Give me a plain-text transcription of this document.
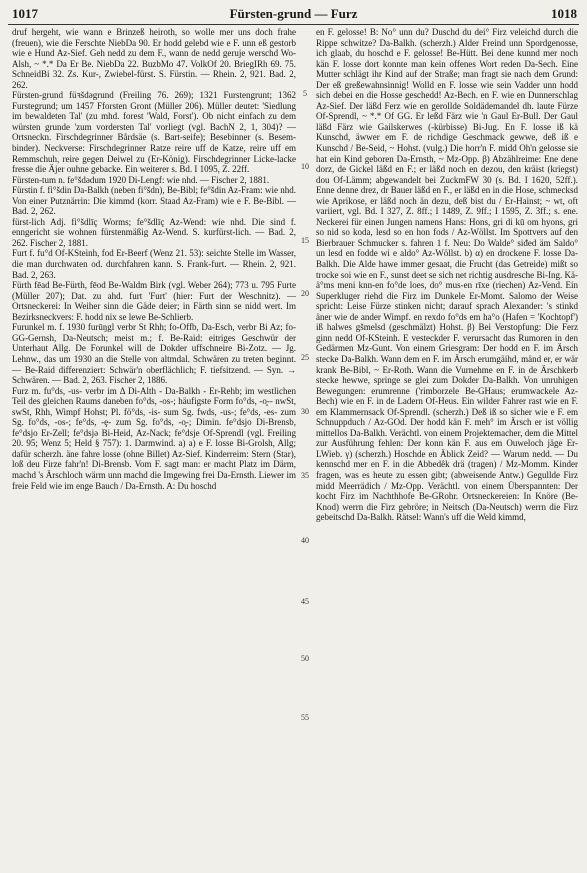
1017	Fürsten-grund — Furz	1018

druf hergeht, wie wann e Brinzeß heiroth, so wolle mer uns doch frahe (freuen), wie die Ferschte NiebDa 90. Er hodd gelebd wie e F. unn eß gestorb wie e Hund Az-Sief. Geh nedd zu dem F., wann de nedd geruje werschd Wo-Alsh, ~ *.* Da Er Be. NiebDa 22. BuzbMo 47. VolkOf 20. BriegIRh 69. 75. SchneidBi 32. Zs. Kur-, Zwiebel-fürst. S. Fürstin. — Rhein. 2, 921. Bad. 2, 262.

Fürsten-grund füꝛšdəgrund (Freiling 76. 269); 1321 Furstengrunt; 1362 Furstegrund; um 1457 Fforsten Gront (Müller 206). Müller deutet: 'Siedlung im bewaldeten Tal' (zu mhd. forest 'Wald, Forst'). Ob nicht einfach zu dem würsten grunde 'zum vordersten Tal' vorliegt (vgl. BachN 2, 1, 304)? — Ortsneckn. Firschdegrinner Bårdsäe (s. Bart-seife); Besebinner (s. Besem-binder). Neckverse: Firschdegrinner Ratze reire uff de Katze, reire uff em Remmschuh, reire gegen Deiwel zu (Er-König). Firschdegrinner Licke-lacke fresse die Äjer ouhne gebacke. Ein weiterer s. Bd. I 1095, Z. 22ff.

Fürsten-tum n. fe°šdədum 1920 Di-Lengf: wie nhd. — Fischer 2, 1881.

Fürstin f. fi°šdin Da-Balkh (neben fi°šdn), Be-Bibl; fe°šdin Az-Fram: wie nhd. Von einer Putznärrin: Die kimmd (korr. Staad Az-Fram) wie e F. Be-Bibl. — Bad. 2, 262.

fürst-lich Adj. fi°šdlīç Worms; fe°šdlīç Az-Wend: wie nhd. Die sind f. enngericht sie wohnen fürstenmäßig Az-Wend. S. kurfürst-lich. — Bad. 2, 262. Fischer 2, 1881.

Furt f. fu°d Of-KSteinh, fod Er-Beerf (Wenz 21. 53): seichte Stelle im Wasser, die man durchwaten od. durchfahren kann. S. Frank-furt. — Rhein. 2, 921. Bad. 2, 263.

Fürth fēad Be-Fürth, fēod Be-Waldm Birk (vgl. Weber 264); 773 u. 795 Furte (Müller 207); Dat. zu ahd. furt 'Furt' (hier: Furt der Weschnitz). — Ortsneckerei: In Weiher sinn die Gäde deier; in Färth sinn se nidd wert. Im Bezirksneckvers: F. hodd nix se lewe Be-Schlierb.

Furunkel m. f. 1930 furūŋgl verbr St Rhh; fo-Offb, Da-Esch, verbr Bi Az; fo- GG-Gernsh, Da-Neutsch; meist m.; f. Be-Raid: eitriges Geschwür der Unterhaut Allg. De Forunkel will de Dokder uffschneire Bi-Zotz. — Jg. Lehnw., das um 1930 an die Stelle von altmdal. Schwären zu treten beginnt. — Be-Raid differenziert: Schwär'n oberflächlich; F. tiefsitzend. — Syn. → Schwären. — Bad. 2, 263. Fischer 2, 1886.

Furz m. fu°ds, -us- verbr im Δ Di-Alth - Da-Balkh - Er-Rehb; im westlichen Teil des gleichen Raums daneben fo°ds, -os-; häufigste Form fo°ds, -o̧-- nwSt, swSt, Rhh, Wimpf Hohst; Pl. fö°ds, -is- sum Sg. fwds, -us-; fe°ds, -es- zum Sg. fo°ds, -os-; fe°ds, -ȩ- zum Sg. fo°ds, -o̧-; Dimin. fe°dsjo Di-Brensb, fe°dsjo Er-Zell; fe°dsjə Bi-Heid, Az-Nack; fe°dsje Of-Sprendl (vgl. Freiling 20. 95; Wenz 5; Held § 757): 1. Darmwind. a) a) e F. losse Bi-Grolsh, Allg; dafür scherzh. äne fahre losse (ohne Billet) Az-Sief. Kinderreim: Stern (Star), loß deu Firze fahr'n! Di-Brensb. Vom F. sagt man: er macht Platz im Därm, machd 's Ärschloch wärm unn machd die Imgewing frei Da-Ernsth. Liewer im freie Feld wie im enge Bauch / Da-Ernsth. A: Du hoschd

5
10
15
20
25
30
35
40
45
50
55

en F. gelosse! B: No° unn du? Duschd du dei° Firz veleichd durch die Rippe schwitze? Da-Balkh. (scherzh.) Alder Freind unn Spordgenosse, ich glaab, du hoschd e F. gelosse! Be-Hütt. Bei dene kunnd mer noch kän F. losse dort konnte man kein offenes Wort reden Da-Sech. Eine Mutter schlägt ihr Kind auf der Straße; man fragt sie nach dem Grund: Der eß greßewahnsinnig! Wolld en F. losse wie sein Vadder unn hodd sich debei en die Hosse geschedd! Az-Bech. en F. wie en Dunnerschlag Az-Sief. Der läßd Ferz wie en gerollde Soldädemandel dh. laute Fürze Of-Sprendl, ~ *.* Of GG. Er leßd Färz wie 'n Gaul Er-Bull. Der Gaul läßd Färz wie Gailskerwes (-kürbisse) Bi-Jug. En F. losse iß kä Kunschd, äwwer em F. de richdige Geschmack gewwe, deß iß e Kunschd / Be-Seid, ~ Hohst. (vulg.) Die horr'n F. midd Oh'n gelosse sie hat ein Kind geboren Da-Ernsth, ~ Mz-Opp. β) Abzählreime: Ene dene dorz, de Gickel läßd en F.; er läßd noch en dezou, den kräist (kriegst) dou Of-Lämm; abgewandelt bei ZuckmFW 30 (s. Bd. I 1620, 52ff.). Enne denne drez, dr Bauer läßd en F., er läßd en in die Hose, schmecksd wie Aprikose, er läßd noch än dezu, deß bist du / Er-Hainst; ~ wt, oft variiert, vgl. Bd. I 327, Z. 8ff.; I 1489, Z. 9ff.; I 1595, Z. 3ff.; s. ene. Neckerei für einen Jungen namens Hans: Hons, gri di kū om hyons, gri so nid so koda, lesd so en hon fods / Az-Wöllst. Im Spottvers auf den Bierbrauer Schmucker s. fahren 1 f. Neu: Do Walde° siđed äm Saldo° un lesd en fodde wi e aldo° Az-Wöllst. b) α) en drockene F. losse Da-Balkh. Die Alde hawe immer gesaat, die Frucht (das Getreide) mißt so trocke soi wie en F., sunst deet se sich net richtig ausdresche Bi-Ing. Kä-ä°ms meni knn-en fo°de loes, do° mus-en rīxe (riechen) Az-Vend. Ein Superkluger riehd die Firz im Dunkele Er-Momt. Salomo der Weise spricht: Leise Fürze stinken nicht; darauf sprach Alexander: 's stinkd äner wie de ander Wimpf. en rexdo fo°ds em ha°o (Hafen = 'Kochtopf') iß halwes gšmelsd (geschmälzt) Hohst. β) Bei Verstopfung: Die Ferz ginn nedd Of-KSteinh. E vesteckder F. verursacht das Rumoren in den Gedärmen Mz-Gunt. Von einem Griesgram: Der hodd en F. im Ärsch stecke Da-Balkh. Wann dem en F. im Ärsch erumgäihd, mänd er, er wär krank Be-Bibl, ~ Er-Roth. Wann die Vurnehme en F. in de Ärschkerb stecke hewwe, springe se glei zum Dokder Da-Balkh. Von unruhigen Bewegungen: erumrenne ('rimborzele Be-GHaus; erumwackele Az-Bech) wie en F. in de Ladern Of-Heus. Ein wilder Fahrer rast wie en F. em Klammernsack Of-Sprendl. (scherzh.) Deß iß so sicher wie e F. em Schnuppduch / Az-GOd. Der hodd kän F. meh° im Ärsch er ist völlig mittellos Da-Balkh. Verächtl. von einem Projektemacher, dem die Mittel zur Ausführung fehlen: Der konn kän F. aus em Ouweloch jäge Er-LWieb. γ) (scherzh.) Hoschde en Äblick Zeid? — Warum nedd. — Du kennschd mer en F. in die Abbedêk drä (tragen) / Mz-Momm. Kinder fragen, was es heute zu essen gibt; (abweisende Antw.) Gegullde Firz midd Meerrädich / Mz-Opp. Verächtl. von einem Überspannten: Der kocht Firz im Nachthhofe Be-GRohr. Ortsneckereien: In Knöre (Be-Knod) werrn die Firz gebröre; in Neitsch (Da-Neutsch) werrn die Firz gebeitschd Da-Balkh. Rätsel: Wann's uff die Weld kimmd,
